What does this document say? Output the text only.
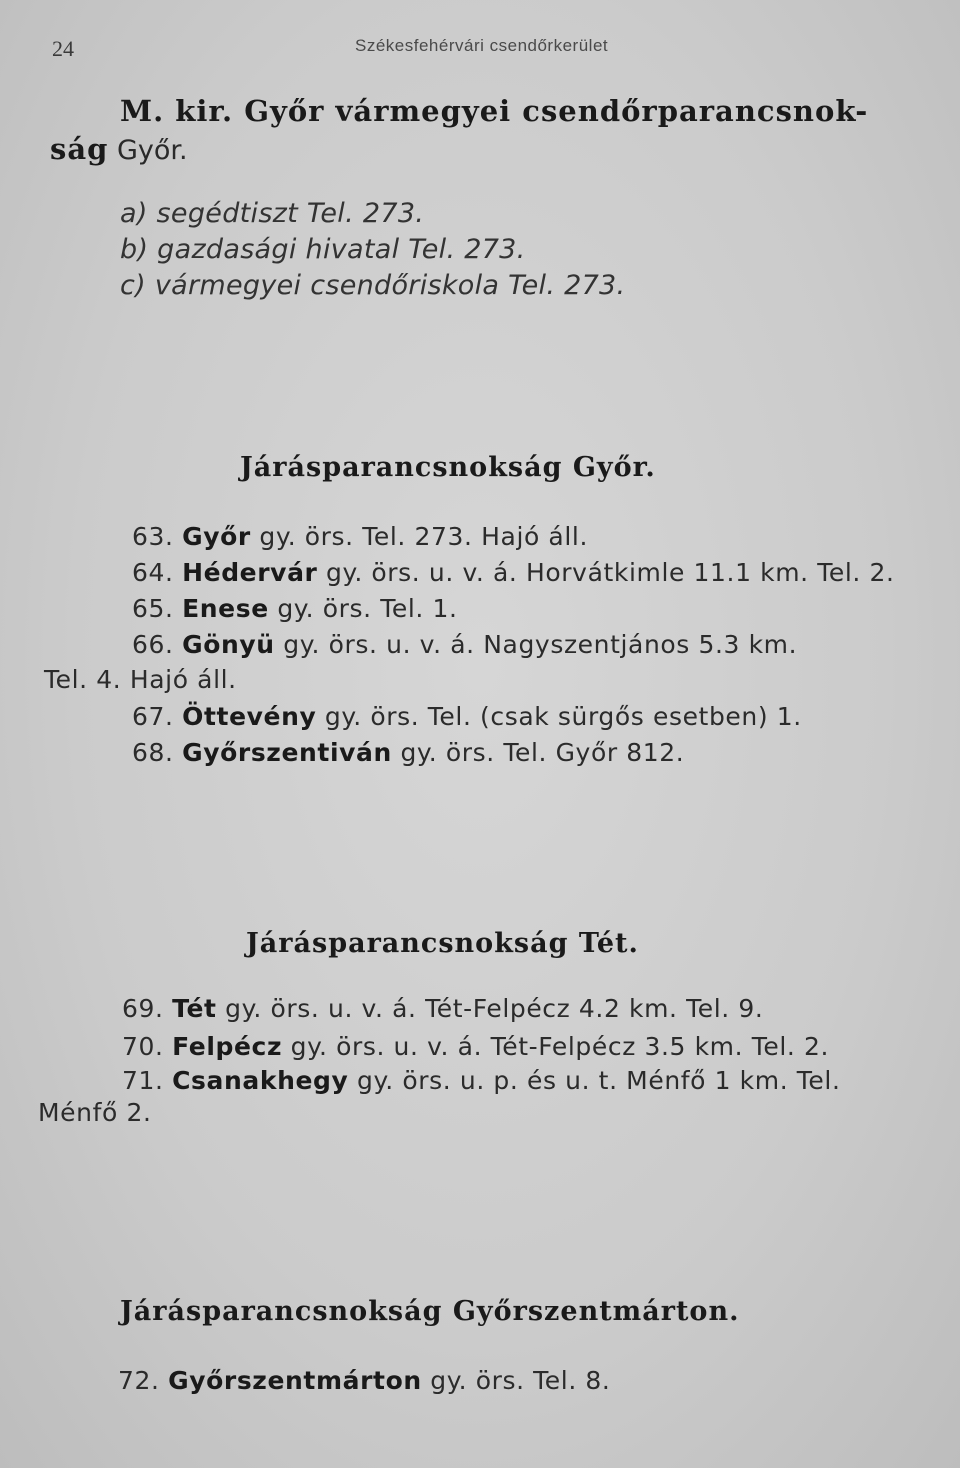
24	Székesfehérvári csendőrkerület
M. kir. Győr vármegyei csendőrparancsnok-
ság Győr.
a) segédtiszt Tel. 273.
b) gazdasági hivatal Tel. 273.
c) vármegyei csendőriskola Tel. 273.
Járásparancsnokság Győr.
63. Győr gy. örs. Tel. 273. Hajó áll.
64. Hédervár gy. örs. u. v. á. Horvátkimle 11.1 km. Tel. 2.
65. Enese gy. örs. Tel. 1.
66. Gönyü gy. örs. u. v. á. Nagyszentjános 5.3 km.
Tel. 4. Hajó áll.
67. Öttevény gy. örs. Tel. (csak sürgős esetben) 1.
68. Győrszentiván gy. örs. Tel. Győr 812.
Járásparancsnokság Tét.
69. Tét gy. örs. u. v. á. Tét-Felpécz 4.2 km. Tel. 9.
70. Felpécz gy. örs. u. v. á. Tét-Felpécz 3.5 km. Tel. 2.
71. Csanakhegy gy. örs. u. p. és u. t. Ménfő 1 km. Tel.
Ménfő 2.
Járásparancsnokság Győrszentmárton.
72. Győrszentmárton gy. örs. Tel. 8.
